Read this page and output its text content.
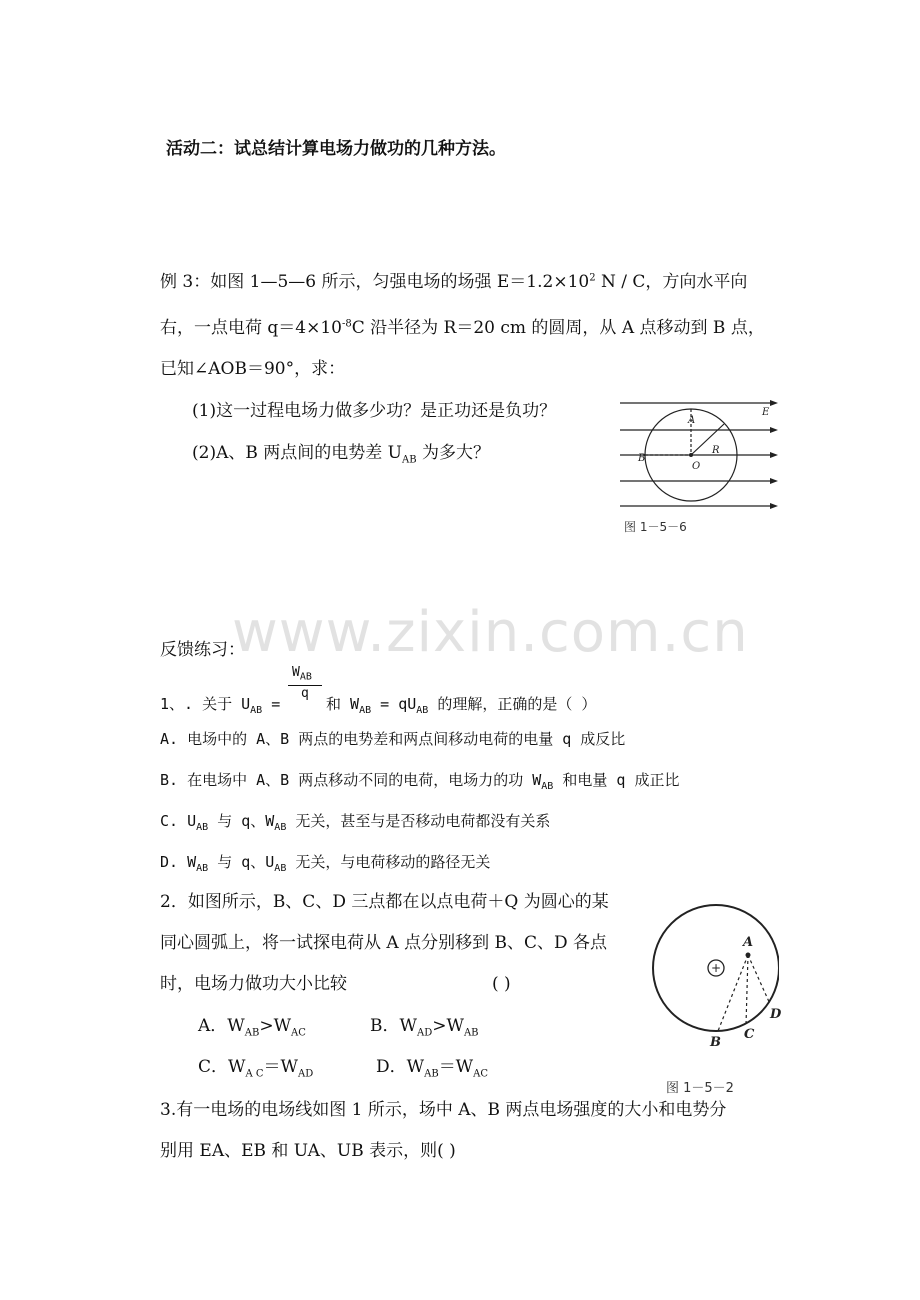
活动二：试总结计算电场力做功的几种方法。
例 3：如图 1—5—6 所示，匀强电场的场强 $E=1.2\times 10^2$ N / C，方向水平向
右，一点电荷 $q=4\times 10^{-8}C$ 沿半径为 R＝20 cm 的圆周，从 A 点移动到 B 点，
已知∠AOB＝90°，求：
(1)这一过程电场力做多少功？是正功还是负功？
(2)A、B 两点间的电势差 $U_{AB}$ 为多大？
A
B
O
R
E
图 1－5－6
www.zixin.com.cn
反馈练习：
$W_{AB}$
q
1、. 关于 $U_{AB}$ =	和 $W_{AB} = qU_{AB}$ 的理解，正确的是（ ）
A. 电场中的 A、B 两点的电势差和两点间移动电荷的电量 q 成反比
B. 在电场中 A、B 两点移动不同的电荷，电场力的功 $W_{AB}$ 和电量 q 成正比
C. $U_{AB}$ 与 q、$W_{AB}$ 无关，甚至与是否移动电荷都没有关系
D. $W_{AB}$ 与 q、$U_{AB}$ 无关，与电荷移动的路径无关
2．如图所示，B、C、D 三点都在以点电荷＋Q 为圆心的某
同心圆弧上，将一试探电荷从 A 点分别移到 B、C、D 各点
时，电场力做功大小比较	( )
A．$W_{AB}>W_{AC}$	B．$W_{AD}>W_{AB}$
C．$W_{A C}=W_{AD}$	D．$W_{AB}=W_{AC}$
+
A
B
C
D
图 1－5－2
3.有一电场的电场线如图 1 所示，场中 A、B 两点电场强度的大小和电势分
别用 EA、EB 和 UA、UB 表示，则( )
